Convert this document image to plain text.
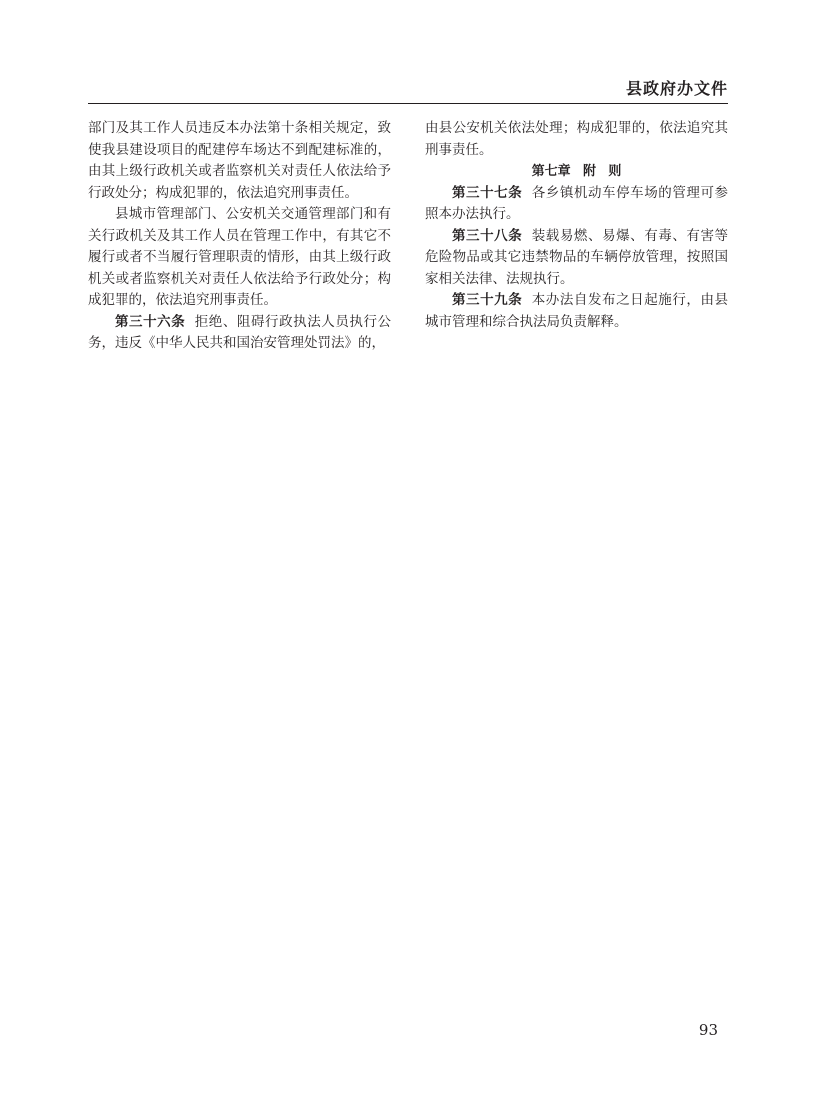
县政府办文件

部门及其工作人员违反本办法第十条相关规定，致使我县建设项目的配建停车场达不到配建标准的，由其上级行政机关或者监察机关对责任人依法给予行政处分；构成犯罪的，依法追究刑事责任。

县城市管理部门、公安机关交通管理部门和有关行政机关及其工作人员在管理工作中，有其它不履行或者不当履行管理职责的情形，由其上级行政机关或者监察机关对责任人依法给予行政处分；构成犯罪的，依法追究刑事责任。

第三十六条 拒绝、阻碍行政执法人员执行公务，违反《中华人民共和国治安管理处罚法》的，

由县公安机关依法处理；构成犯罪的，依法追究其刑事责任。

第七章 附 则

第三十七条 各乡镇机动车停车场的管理可参照本办法执行。

第三十八条 装载易燃、易爆、有毒、有害等危险物品或其它违禁物品的车辆停放管理，按照国家相关法律、法规执行。

第三十九条 本办法自发布之日起施行，由县城市管理和综合执法局负责解释。

93
